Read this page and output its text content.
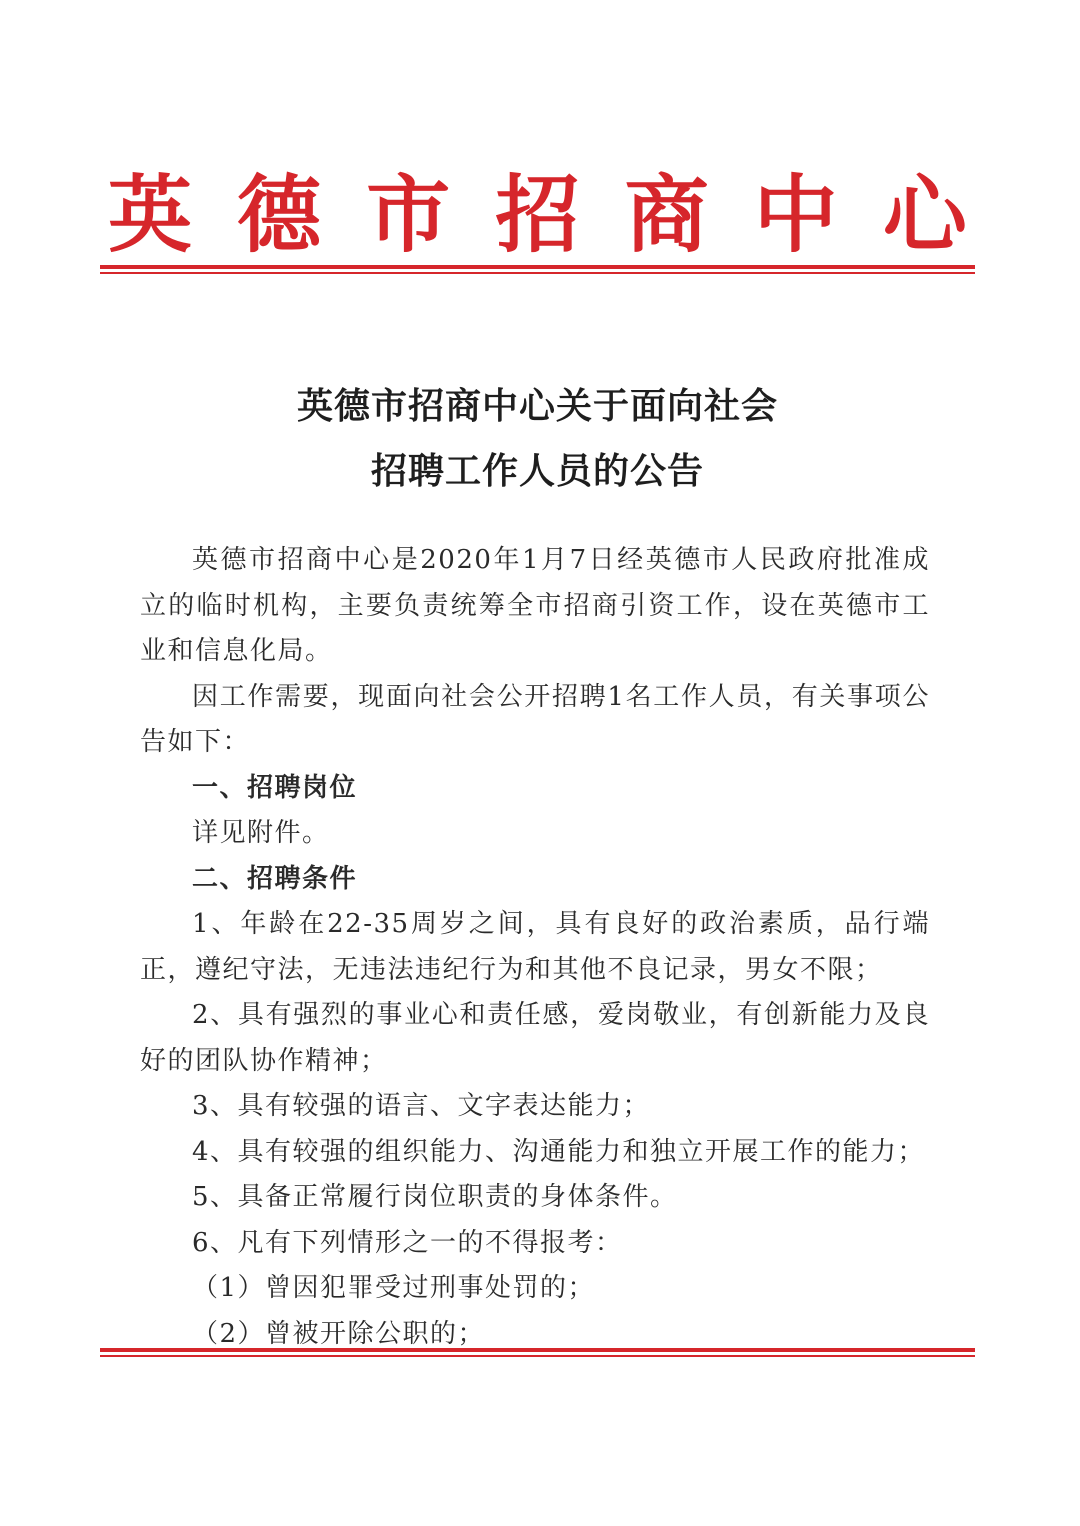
英 德 市 招 商 中 心
英德市招商中心关于面向社会
招聘工作人员的公告

英德市招商中心是2020年1月7日经英德市人民政府批准成立的临时机构，主要负责统筹全市招商引资工作，设在英德市工业和信息化局。

因工作需要，现面向社会公开招聘1名工作人员，有关事项公告如下：

一、招聘岗位

详见附件。

二、招聘条件

1、年龄在22-35周岁之间，具有良好的政治素质，品行端正，遵纪守法，无违法违纪行为和其他不良记录，男女不限；

2、具有强烈的事业心和责任感，爱岗敬业，有创新能力及良好的团队协作精神；

3、具有较强的语言、文字表达能力；

4、具有较强的组织能力、沟通能力和独立开展工作的能力；

5、具备正常履行岗位职责的身体条件。

6、凡有下列情形之一的不得报考：

（1）曾因犯罪受过刑事处罚的；

（2）曾被开除公职的；
